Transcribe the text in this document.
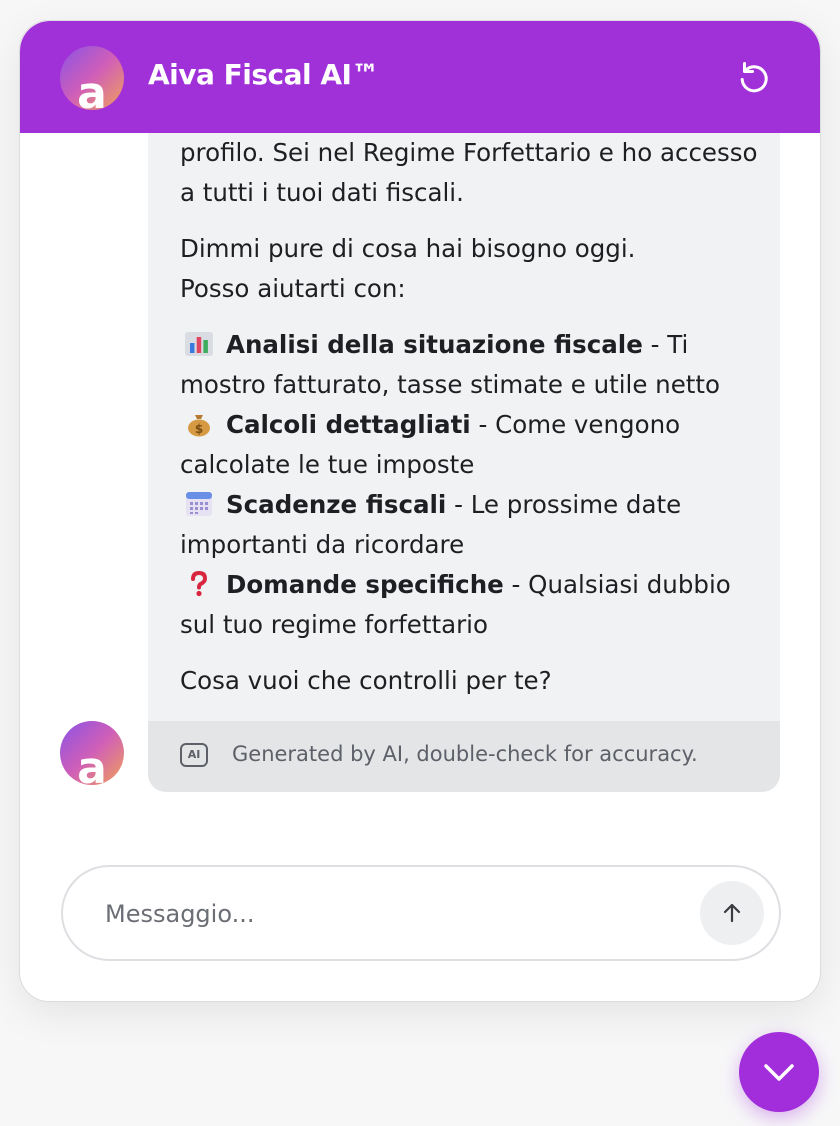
a	Aiva Fiscal AI™

profilo. Sei nel Regime Forfettario e ho accesso a tutti i tuoi dati fiscali.

Dimmi pure di cosa hai bisogno oggi.
Posso aiutarti con:

Analisi della situazione fiscale - Ti mostro fatturato, tasse stimate e utile netto
$ Calcoli dettagliati - Come vengono calcolate le tue imposte
Scadenze fiscali - Le prossime date importanti da ricordare
Domande specifiche - Qualsiasi dubbio sul tuo regime forfettario

Cosa vuoi che controlli per te?

AI	Generated by AI, double-check for accuracy.
a
Messaggio...
